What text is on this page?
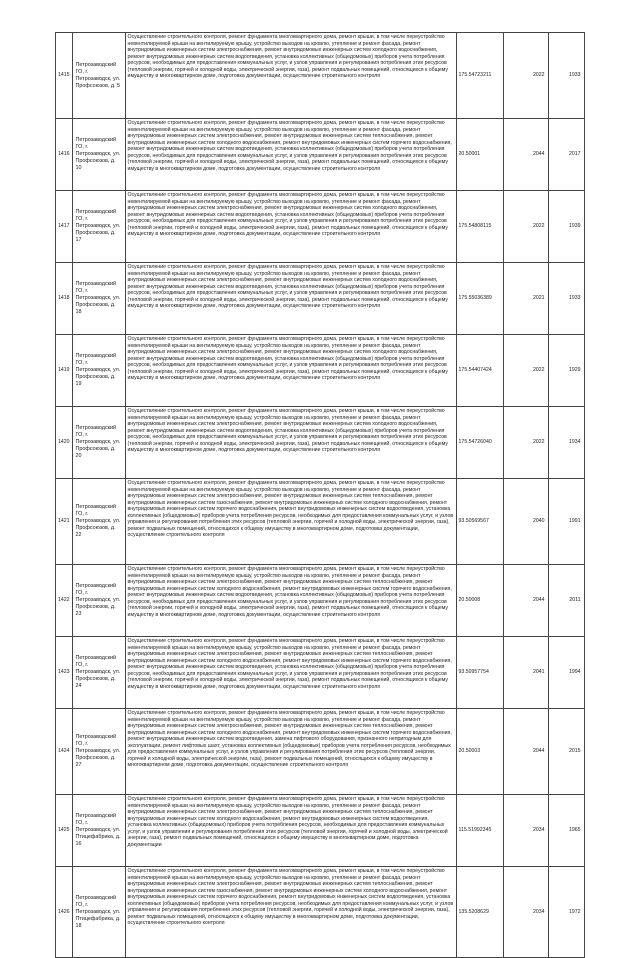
1415	Петрозаводский ГО, г. Петрозаводск, ул. Профсоюзов, д. 5	Осуществление строительного контроля, ремонт фундамента многоквартирного дома, ремонт крыши, в том числе переустройство невентилируемой крыши на вентилируемую крышу, устройство выходов на кровлю, утепление и ремонт фасада, ремонт внутридомовых инженерных систем электроснабжения, ремонт внутридомовых инженерных систем холодного водоснабжения, ремонт внутридомовых инженерных систем водоотведения, установка коллективных (общедомовых) приборов учета потребления ресурсов, необходимых для предоставления коммунальных услуг, и узлов управления и регулирования потребления этих ресурсов (тепловой энергии, горячей и холодной воды, электрической энергии, газа), ремонт подвальных помещений, относящихся к общему имуществу в многоквартирном доме, подготовка документации, осуществление строительного контроля	175.54723211	2022	1933
1416	Петрозаводский ГО, г. Петрозаводск, ул. Профсоюзов, д. 10	Осуществление строительного контроля, ремонт фундамента многоквартирного дома, ремонт крыши, в том числе переустройство невентилируемой крыши на вентилируемую крышу, устройство выходов на кровлю, утепление и ремонт фасада, ремонт внутридомовых инженерных систем электроснабжения, ремонт внутридомовых инженерных систем теплоснабжения, ремонт внутридомовых инженерных систем холодного водоснабжения, ремонт внутридомовых инженерных систем горячего водоснабжения, ремонт внутридомовых инженерных систем водоотведения, установка коллективных (общедомовых) приборов учета потребления ресурсов, необходимых для предоставления коммунальных услуг, и узлов управления и регулирования потребления этих ресурсов (тепловой энергии, горячей и холодной воды, электрической энергии, газа), ремонт подвальных помещений, относящихся к общему имуществу в многоквартирном доме, подготовка документации, осуществление строительного контроля	20.50001	2044	2017
1417	Петрозаводский ГО, г. Петрозаводск, ул. Профсоюзов, д. 17	Осуществление строительного контроля, ремонт фундамента многоквартирного дома, ремонт крыши, в том числе переустройство невентилируемой крыши на вентилируемую крышу, устройство выходов на кровлю, утепление и ремонт фасада, ремонт внутридомовых инженерных систем электроснабжения, ремонт внутридомовых инженерных систем холодного водоснабжения, ремонт внутридомовых инженерных систем водоотведения, установка коллективных (общедомовых) приборов учета потребления ресурсов, необходимых для предоставления коммунальных услуг, и узлов управления и регулирования потребления этих ресурсов (тепловой энергии, горячей и холодной воды, электрической энергии, газа), ремонт подвальных помещений, относящихся к общему имуществу в многоквартирном доме, подготовка документации, осуществление строительного контроля	175.54808115	2022	1939
1418	Петрозаводский ГО, г. Петрозаводск, ул. Профсоюзов, д. 18	Осуществление строительного контроля, ремонт фундамента многоквартирного дома, ремонт крыши, в том числе переустройство невентилируемой крыши на вентилируемую крышу, устройство выходов на кровлю, утепление и ремонт фасада, ремонт внутридомовых инженерных систем электроснабжения, ремонт внутридомовых инженерных систем холодного водоснабжения, ремонт внутридомовых инженерных систем водоотведения, установка коллективных (общедомовых) приборов учета потребления ресурсов, необходимых для предоставления коммунальных услуг, и узлов управления и регулирования потребления этих ресурсов (тепловой энергии, горячей и холодной воды, электрической энергии, газа), ремонт подвальных помещений, относящихся к общему имуществу в многоквартирном доме, подготовка документации, осуществление строительного контроля	175.55036389	2021	1933
1419	Петрозаводский ГО, г. Петрозаводск, ул. Профсоюзов, д. 19	Осуществление строительного контроля, ремонт фундамента многоквартирного дома, ремонт крыши, в том числе переустройство невентилируемой крыши на вентилируемую крышу, устройство выходов на кровлю, утепление и ремонт фасада, ремонт внутридомовых инженерных систем электроснабжения, ремонт внутридомовых инженерных систем холодного водоснабжения, ремонт внутридомовых инженерных систем водоотведения, установка коллективных (общедомовых) приборов учета потребления ресурсов, необходимых для предоставления коммунальных услуг, и узлов управления и регулирования потребления этих ресурсов (тепловой энергии, горячей и холодной воды, электрической энергии, газа), ремонт подвальных помещений, относящихся к общему имуществу в многоквартирном доме, подготовка документации, осуществление строительного контроля	175.54407424	2022	1929
1420	Петрозаводский ГО, г. Петрозаводск, ул. Профсоюзов, д. 20	Осуществление строительного контроля, ремонт фундамента многоквартирного дома, ремонт крыши, в том числе переустройство невентилируемой крыши на вентилируемую крышу, устройство выходов на кровлю, утепление и ремонт фасада, ремонт внутридомовых инженерных систем электроснабжения, ремонт внутридомовых инженерных систем холодного водоснабжения, ремонт внутридомовых инженерных систем водоотведения, установка коллективных (общедомовых) приборов учета потребления ресурсов, необходимых для предоставления коммунальных услуг, и узлов управления и регулирования потребления этих ресурсов (тепловой энергии, горячей и холодной воды, электрической энергии, газа), ремонт подвальных помещений, относящихся к общему имуществу в многоквартирном доме, подготовка документации, осуществление строительного контроля	175.54726040	2022	1934
1421	Петрозаводский ГО, г. Петрозаводск, ул. Профсоюзов, д. 22	Осуществление строительного контроля, ремонт фундамента многоквартирного дома, ремонт крыши, в том числе переустройство невентилируемой крыши на вентилируемую крышу, устройство выходов на кровлю, утепление и ремонт фасада, ремонт внутридомовых инженерных систем электроснабжения, ремонт внутридомовых инженерных систем теплоснабжения, ремонт внутридомовых инженерных систем газоснабжения, ремонт внутридомовых инженерных систем холодного водоснабжения, ремонт внутридомовых инженерных систем горячего водоснабжения, ремонт внутридомовых инженерных систем водоотведения, установка коллективных (общедомовых) приборов учета потребления ресурсов, необходимых для предоставления коммунальных услуг, и узлов управления и регулирования потребления этих ресурсов (тепловой энергии, горячей и холодной воды, электрической энергии, газа), ремонт подвальных помещений, относящихся к общему имуществу в многоквартирном доме, подготовка документации, осуществление строительного контроля	93.50569567	2040	1991
1422	Петрозаводский ГО, г. Петрозаводск, ул. Профсоюзов, д. 23	Осуществление строительного контроля, ремонт фундамента многоквартирного дома, ремонт крыши, в том числе переустройство невентилируемой крыши на вентилируемую крышу, устройство выходов на кровлю, утепление и ремонт фасада, ремонт внутридомовых инженерных систем электроснабжения, ремонт внутридомовых инженерных систем теплоснабжения, ремонт внутридомовых инженерных систем холодного водоснабжения, ремонт внутридомовых инженерных систем горячего водоснабжения, ремонт внутридомовых инженерных систем водоотведения, установка коллективных (общедомовых) приборов учета потребления ресурсов, необходимых для предоставления коммунальных услуг, и узлов управления и регулирования потребления этих ресурсов (тепловой энергии, горячей и холодной воды, электрической энергии, газа), ремонт подвальных помещений, относящихся к общему имуществу в многоквартирном доме, подготовка документации, осуществление строительного контроля	20.50008	2044	2011
1423	Петрозаводский ГО, г. Петрозаводск, ул. Профсоюзов, д. 24	Осуществление строительного контроля, ремонт фундамента многоквартирного дома, ремонт крыши, в том числе переустройство невентилируемой крыши на вентилируемую крышу, устройство выходов на кровлю, утепление и ремонт фасада, ремонт внутридомовых инженерных систем электроснабжения, ремонт внутридомовых инженерных систем теплоснабжения, ремонт внутридомовых инженерных систем холодного водоснабжения, ремонт внутридомовых инженерных систем горячего водоснабжения, ремонт внутридомовых инженерных систем водоотведения, установка коллективных (общедомовых) приборов учета потребления ресурсов, необходимых для предоставления коммунальных услуг, и узлов управления и регулирования потребления этих ресурсов (тепловой энергии, горячей и холодной воды, электрической энергии, газа), ремонт подвальных помещений, относящихся к общему имуществу в многоквартирном доме, подготовка документации, осуществление строительного контроля	93.50957754	2041	1994
1424	Петрозаводский ГО, г. Петрозаводск, ул. Профсоюзов, д. 27	Осуществление строительного контроля, ремонт фундамента многоквартирного дома, ремонт крыши, в том числе переустройство невентилируемой крыши на вентилируемую крышу, устройство выходов на кровлю, утепление и ремонт фасада, ремонт внутридомовых инженерных систем электроснабжения, ремонт внутридомовых инженерных систем теплоснабжения, ремонт внутридомовых инженерных систем холодного водоснабжения, ремонт внутридомовых инженерных систем горячего водоснабжения, ремонт внутридомовых инженерных систем водоотведения, замена лифтового оборудования, признанного непригодным для эксплуатации, ремонт лифтовых шахт, установка коллективных (общедомовых) приборов учета потребления ресурсов, необходимых для предоставления коммунальных услуг, и узлов управления и регулирования потребления этих ресурсов (тепловой энергии, горячей и холодной воды, электрической энергии, газа), ремонт подвальных помещений, относящихся к общему имуществу в многоквартирном доме, подготовка документации, осуществление строительного контроля	20.50003	2044	2015
1425	Петрозаводский ГО, г. Петрозаводск, ул. Птицефабрика, д. 16	Осуществление строительного контроля, ремонт фундамента многоквартирного дома, ремонт крыши, в том числе переустройство невентилируемой крыши на вентилируемую крышу, устройство выходов на кровлю, утепление и ремонт фасада, ремонт внутридомовых инженерных систем электроснабжения, ремонт внутридомовых инженерных систем теплоснабжения, ремонт внутридомовых инженерных систем холодного водоснабжения, ремонт внутридомовых инженерных систем водоотведения, установка коллективных (общедомовых) приборов учета потребления ресурсов, необходимых для предоставления коммунальных услуг, и узлов управления и регулирования потребления этих ресурсов (тепловой энергии, горячей и холодной воды, электрической энергии, газа), ремонт подвальных помещений, относящихся к общему имуществу в многоквартирном доме, подготовка документации	115.51992345	2034	1965
1426	Петрозаводский ГО, г. Петрозаводск, ул. Птицефабрика, д. 18	Осуществление строительного контроля, ремонт фундамента многоквартирного дома, ремонт крыши, в том числе переустройство невентилируемой крыши на вентилируемую крышу, устройство выходов на кровлю, утепление и ремонт фасада, ремонт внутридомовых инженерных систем электроснабжения, ремонт внутридомовых инженерных систем теплоснабжения, ремонт внутридомовых инженерных систем газоснабжения, ремонт внутридомовых инженерных систем холодного водоснабжения, ремонт внутридомовых инженерных систем горячего водоснабжения, ремонт внутридомовых инженерных систем водоотведения, установка коллективных (общедомовых) приборов учета потребления ресурсов, необходимых для предоставления коммунальных услуг, и узлов управления и регулирования потребления этих ресурсов (тепловой энергии, горячей и холодной воды, электрической энергии, газа), ремонт подвальных помещений, относящихся к общему имуществу в многоквартирном доме, подготовка документации, осуществление строительного контроля	135.5208629	2034	1972
